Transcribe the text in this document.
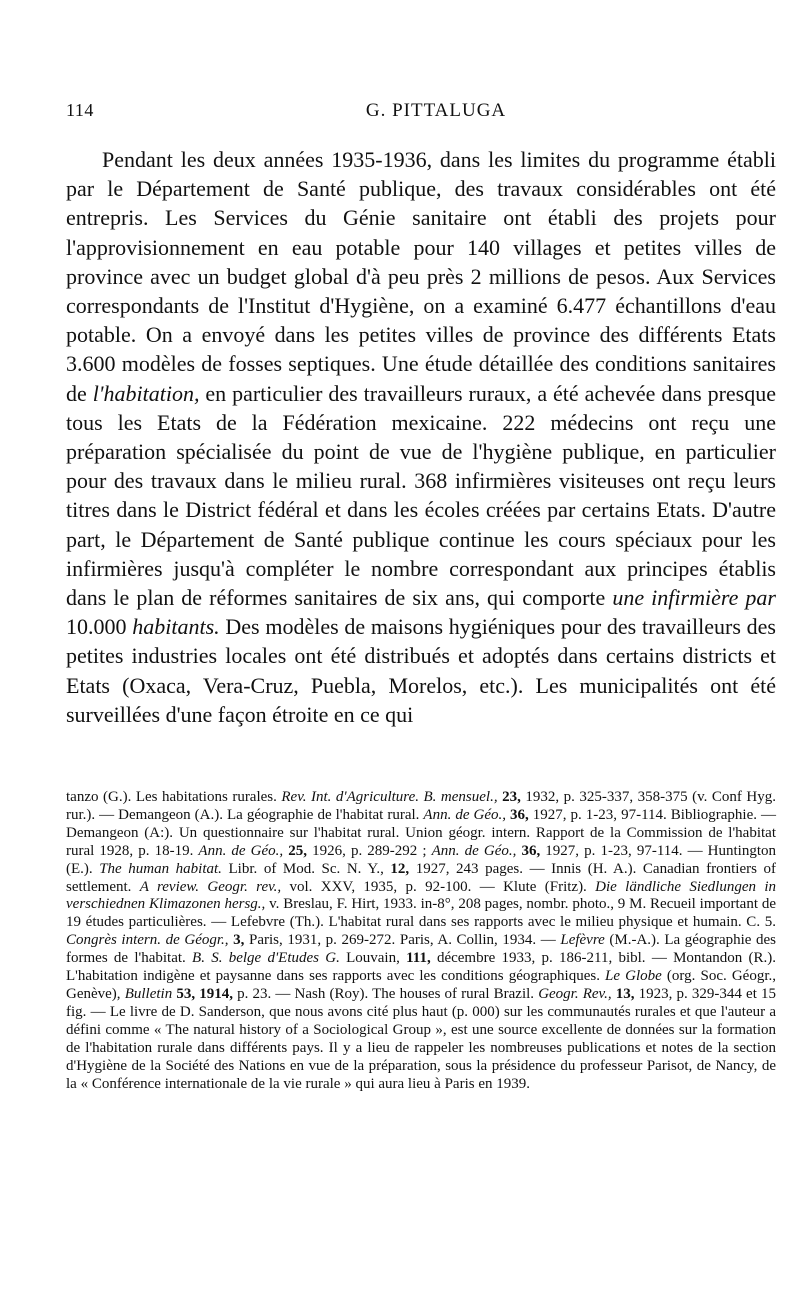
114	G. PITTALUGA

Pendant les deux années 1935-1936, dans les limites du programme établi par le Département de Santé publique, des travaux considérables ont été entrepris. Les Services du Génie sanitaire ont établi des projets pour l'approvisionnement en eau potable pour 140 villages et petites villes de province avec un budget global d'à peu près 2 millions de pesos. Aux Services correspondants de l'Institut d'Hygiène, on a examiné 6.477 échantillons d'eau potable. On a envoyé dans les petites villes de province des différents Etats 3.600 modèles de fosses septiques. Une étude détaillée des conditions sanitaires de l'habitation, en particulier des travailleurs ruraux, a été achevée dans presque tous les Etats de la Fédération mexicaine. 222 médecins ont reçu une préparation spécialisée du point de vue de l'hygiène publique, en particulier pour des travaux dans le milieu rural. 368 infirmières visiteuses ont reçu leurs titres dans le District fédéral et dans les écoles créées par certains Etats. D'autre part, le Département de Santé publique continue les cours spéciaux pour les infirmières jusqu'à compléter le nombre correspondant aux principes établis dans le plan de réformes sanitaires de six ans, qui comporte une infirmière par 10.000 habitants. Des modèles de maisons hygiéniques pour des travailleurs des petites industries locales ont été distribués et adoptés dans certains districts et Etats (Oxaca, Vera-Cruz, Puebla, Morelos, etc.). Les municipalités ont été surveillées d'une façon étroite en ce qui

tanzo (G.). Les habitations rurales. Rev. Int. d'Agriculture. B. mensuel., 23, 1932, p. 325-337, 358-375 (v. Conf Hyg. rur.). — Demangeon (A.). La géographie de l'habitat rural. Ann. de Géo., 36, 1927, p. 1-23, 97-114. Bibliographie. — Demangeon (A:). Un questionnaire sur l'habitat rural. Union géogr. intern. Rapport de la Commission de l'habitat rural 1928, p. 18-19. Ann. de Géo., 25, 1926, p. 289-292 ; Ann. de Géo., 36, 1927, p. 1-23, 97-114. — Huntington (E.). The human habitat. Libr. of Mod. Sc. N. Y., 12, 1927, 243 pages. — Innis (H. A.). Canadian frontiers of settlement. A review. Geogr. rev., vol. XXV, 1935, p. 92-100. — Klute (Fritz). Die ländliche Siedlungen in verschiednen Klimazonen hersg., v. Breslau, F. Hirt, 1933. in-8°, 208 pages, nombr. photo., 9 M. Recueil important de 19 études particulières. — Lefebvre (Th.). L'habitat rural dans ses rapports avec le milieu physique et humain. C. 5. Congrès intern. de Géogr., 3, Paris, 1931, p. 269-272. Paris, A. Collin, 1934. — Lefèvre (M.-A.). La géographie des formes de l'habitat. B. S. belge d'Etudes G. Louvain, 111, décembre 1933, p. 186-211, bibl. — Montandon (R.). L'habitation indigène et paysanne dans ses rapports avec les conditions géographiques. Le Globe (org. Soc. Géogr., Genève), Bulletin 53, 1914, p. 23. — Nash (Roy). The houses of rural Brazil. Geogr. Rev., 13, 1923, p. 329-344 et 15 fig. — Le livre de D. Sanderson, que nous avons cité plus haut (p. 000) sur les communautés rurales et que l'auteur a défini comme « The natural history of a Sociological Group », est une source excellente de données sur la formation de l'habitation rurale dans différents pays. Il y a lieu de rappeler les nombreuses publications et notes de la section d'Hygiène de la Société des Nations en vue de la préparation, sous la présidence du professeur Parisot, de Nancy, de la « Conférence internationale de la vie rurale » qui aura lieu à Paris en 1939.
